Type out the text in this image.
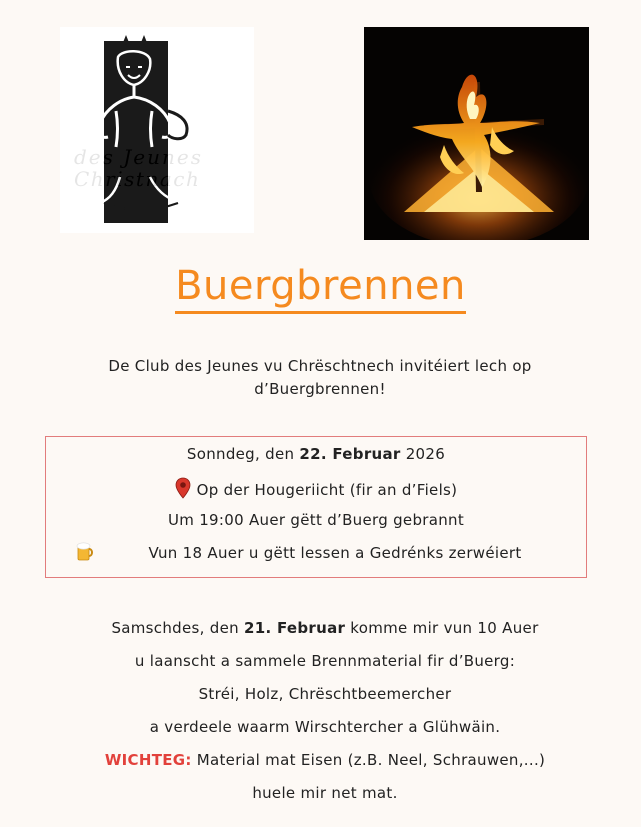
des Jeunes
Christnach
Buergbrennen
De Club des Jeunes vu Chrëschtnech invitéiert lech op
d’Buergbrennen!
Sonndeg, den 22. Februar 2026
Op der Hougeriicht (fir an d’Fiels)
Um 19:00 Auer gëtt d’Buerg gebrannt
Vun 18 Auer u gëtt lessen a Gedrénks zerwéiert
Samschdes, den 21. Februar komme mir vun 10 Auer
u laanscht a sammele Brennmaterial fir d’Buerg:
Stréi, Holz, Chrëschtbeemercher
a verdeele waarm Wirschtercher a Glühwäin.
WICHTEG: Material mat Eisen (z.B. Neel, Schrauwen,...)
huele mir net mat.
